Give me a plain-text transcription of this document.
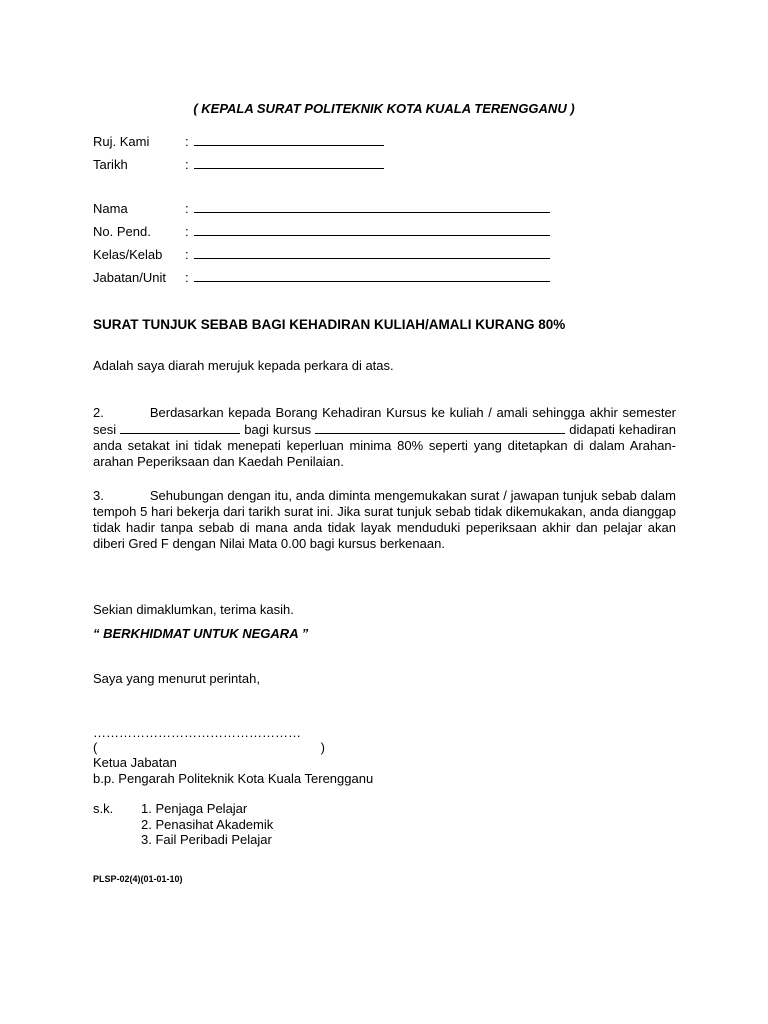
( KEPALA SURAT POLITEKNIK KOTA KUALA TERENGGANU )
Ruj. Kami	:
Tarikh	:
Nama	:
No. Pend.	:
Kelas/Kelab :
Jabatan/Unit :
SURAT TUNJUK SEBAB BAGI KEHADIRAN KULIAH/AMALI KURANG 80%
Adalah saya diarah merujuk kepada perkara di atas.
2.	Berdasarkan kepada Borang Kehadiran Kursus ke kuliah / amali sehingga akhir semester sesi	bagi kursus	didapati kehadiran anda setakat ini tidak menepati keperluan minima 80% seperti yang ditetapkan di dalam Arahan-arahan Peperiksaan dan Kaedah Penilaian.
3.	Sehubungan dengan itu, anda diminta mengemukakan surat / jawapan tunjuk sebab dalam tempoh 5 hari bekerja dari tarikh surat ini. Jika surat tunjuk sebab tidak dikemukakan, anda dianggap tidak hadir tanpa sebab di mana anda tidak layak menduduki peperiksaan akhir dan pelajar akan diberi Gred F dengan Nilai Mata 0.00 bagi kursus berkenaan.
Sekian dimaklumkan, terima kasih.
“ BERKHIDMAT UNTUK NEGARA ”
Saya yang menurut perintah,
…………………………………………
(	)
Ketua Jabatan
b.p. Pengarah Politeknik Kota Kuala Terengganu
s.k. 1. Penjaga Pelajar
2. Penasihat Akademik
3. Fail Peribadi Pelajar
PLSP-02(4)(01-01-10)
